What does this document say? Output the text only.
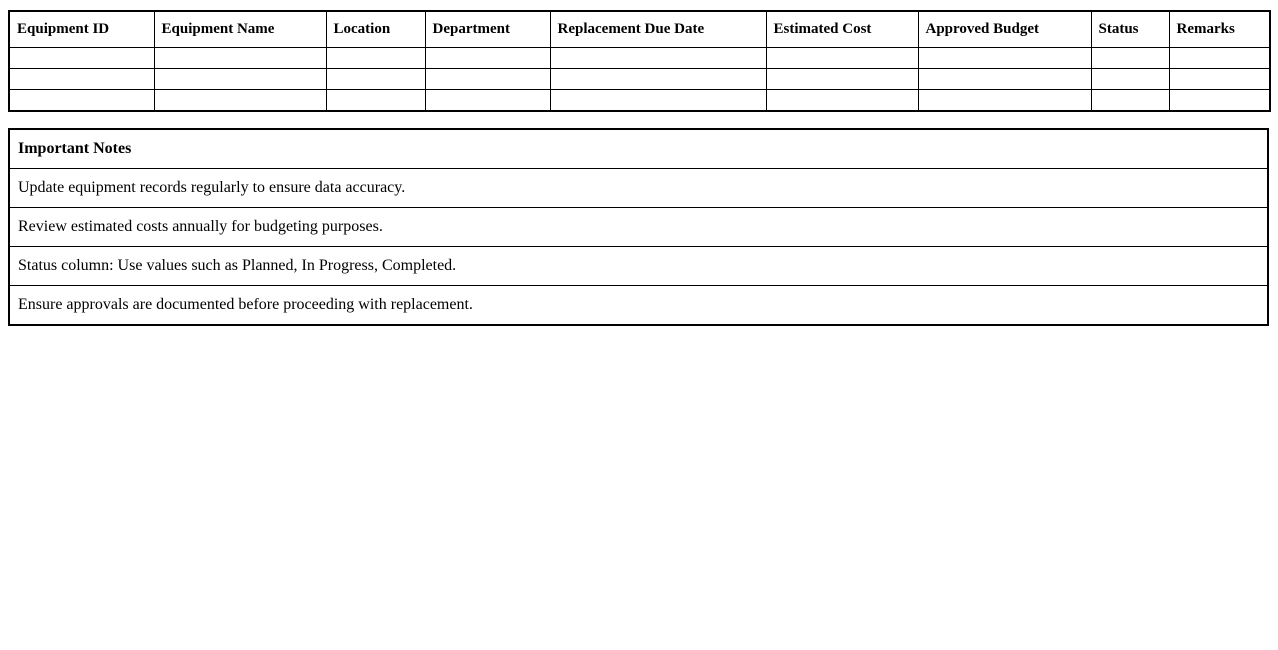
Equipment ID	Equipment Name	Location	Department	Replacement Due Date	Estimated Cost	Approved Budget	Status	Remarks

Important Notes
Update equipment records regularly to ensure data accuracy.
Review estimated costs annually for budgeting purposes.
Status column: Use values such as Planned, In Progress, Completed.
Ensure approvals are documented before proceeding with replacement.
